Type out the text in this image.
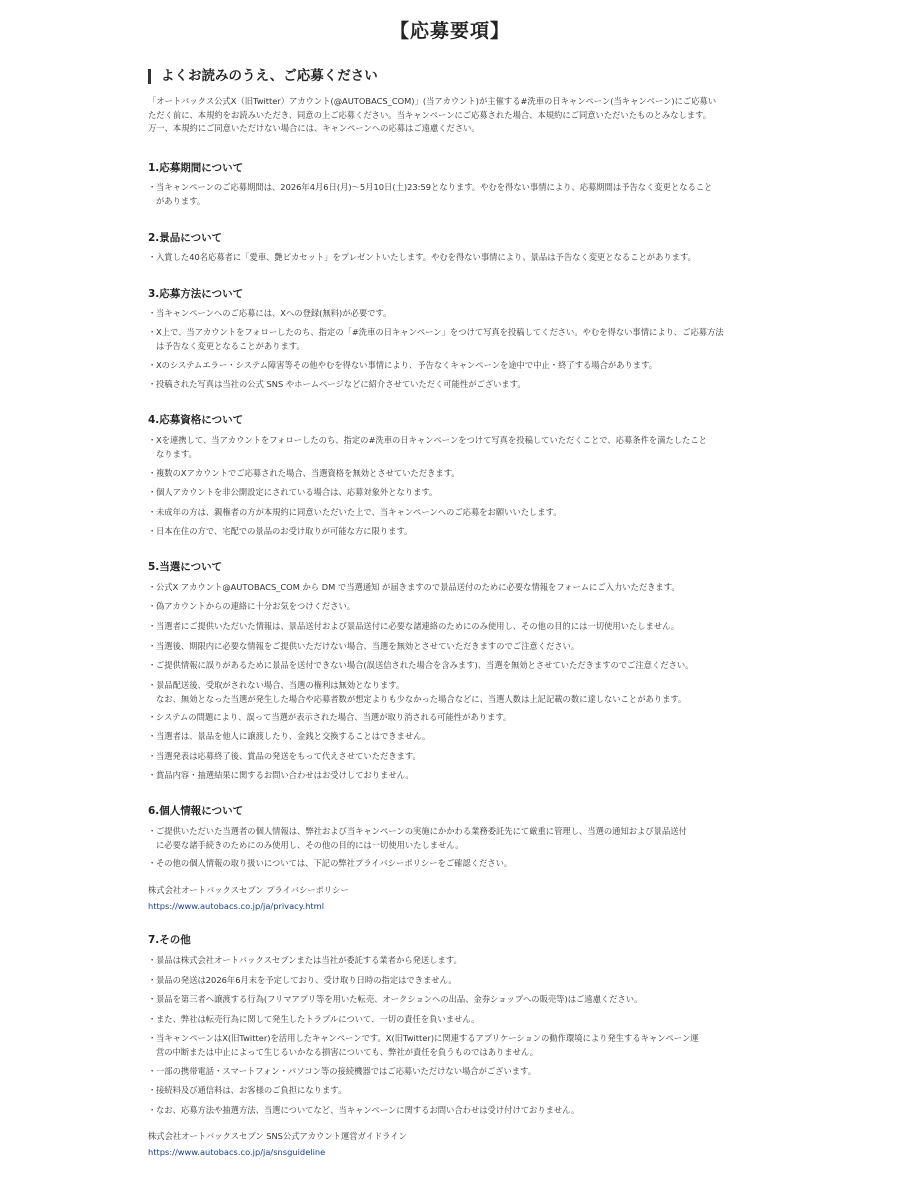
【応募要項】
よくお読みのうえ、ご応募ください

「オートバックス公式X（旧Twitter）アカウント(@AUTOBACS_COM)」(当アカウント)が主催する#洗車の日キャンペーン(当キャンペーン)にご応募い

ただく前に、本規約をお読みいただき、同意の上ご応募ください。当キャンペーンにご応募された場合、本規約にご同意いただいたものとみなします。

万一、本規約にご同意いただけない場合には、キャンペーンへの応募はご遠慮ください。

1.応募期間について
・当キャンペーンのご応募期間は、2026年4月6日(月)〜5月10日(土)23:59となります。やむを得ない事情により、応募期間は予告なく変更となること
があります。
2.景品について
・入賞した40名応募者に「愛車、艶ピカセット」をプレゼントいたします。やむを得ない事情により、景品は予告なく変更となることがあります。
3.応募方法について
・当キャンペーンへのご応募には、Xへの登録(無料)が必要です。
・X上で、当アカウントをフォローしたのち、指定の「#洗車の日キャンペーン」をつけて写真を投稿してください。やむを得ない事情により、ご応募方法
は予告なく変更となることがあります。
・Xのシステムエラー・システム障害等その他やむを得ない事情により、予告なくキャンペーンを途中で中止・終了する場合があります。
・投稿された写真は当社の公式 SNS やホームページなどに紹介させていただく可能性がございます。
4.応募資格について
・Xを連携して、当アカウントをフォローしたのち、指定の#洗車の日キャンペーンをつけて写真を投稿していただくことで、応募条件を満たしたこと
なります。
・複数のXアカウントでご応募された場合、当選資格を無効とさせていただきます。
・個人アカウントを非公開設定にされている場合は、応募対象外となります。
・未成年の方は、親権者の方が本規約に同意いただいた上で、当キャンペーンへのご応募をお願いいたします。
・日本在住の方で、宅配での景品のお受け取りが可能な方に限ります。
5.当選について
・公式X アカウント@AUTOBACS_COM から DM で当選通知 が届きますので景品送付のために必要な情報をフォームにご入力いただきます。
・偽アカウントからの連絡に十分お気をつけください。
・当選者にご提供いただいた情報は、景品送付および景品送付に必要な諸連絡のためにのみ使用し、その他の目的には一切使用いたしません。
・当選後、期限内に必要な情報をご提供いただけない場合、当選を無効とさせていただきますのでご注意ください。
・ご提供情報に誤りがあるために景品を送付できない場合(誤送信された場合を含みます)、当選を無効とさせていただきますのでご注意ください。
・景品配送後、受取がされない場合、当選の権利は無効となります。
なお、無効となった当選が発生した場合や応募者数が想定よりも少なかった場合などに、当選人数は上記記載の数に達しないことがあります。
・システムの問題により、誤って当選が表示された場合、当選が取り消される可能性があります。
・当選者は、景品を他人に譲渡したり、金銭と交換することはできません。
・当選発表は応募終了後、賞品の発送をもって代えさせていただきます。
・賞品内容・抽選結果に関するお問い合わせはお受けしておりません。
6.個人情報について
・ご提供いただいた当選者の個人情報は、弊社および当キャンペーンの実施にかかわる業務委託先にて厳重に管理し、当選の通知および景品送付
に必要な諸手続きのためにのみ使用し、その他の目的には一切使用いたしません。
・その他の個人情報の取り扱いについては、下記の弊社プライバシーポリシーをご確認ください。
株式会社オートバックスセブン プライバシーポリシー
https://www.autobacs.co.jp/ja/privacy.html
7.その他
・景品は株式会社オートバックスセブンまたは当社が委託する業者から発送します。
・景品の発送は2026年6月末を予定しており、受け取り日時の指定はできません。
・景品を第三者へ譲渡する行為(フリマアプリ等を用いた転売、オークションへの出品、金券ショップへの販売等)はご遠慮ください。
・また、弊社は転売行為に関して発生したトラブルについて、一切の責任を負いません。
・当キャンペーンはX(旧Twitter)を活用したキャンペーンです。X(旧Twitter)に関連するアプリケーションの動作環境により発生するキャンペーン運
営の中断または中止によって生じるいかなる損害についても、弊社が責任を負うものではありません。
・一部の携帯電話・スマートフォン・パソコン等の接続機器ではご応募いただけない場合がございます。
・接続料及び通信料は、お客様のご負担になります。
・なお、応募方法や抽選方法、当選についてなど、当キャンペーンに関するお問い合わせは受け付けておりません。
株式会社オートバックスセブン SNS公式アカウント運営ガイドライン
https://www.autobacs.co.jp/ja/snsguideline
